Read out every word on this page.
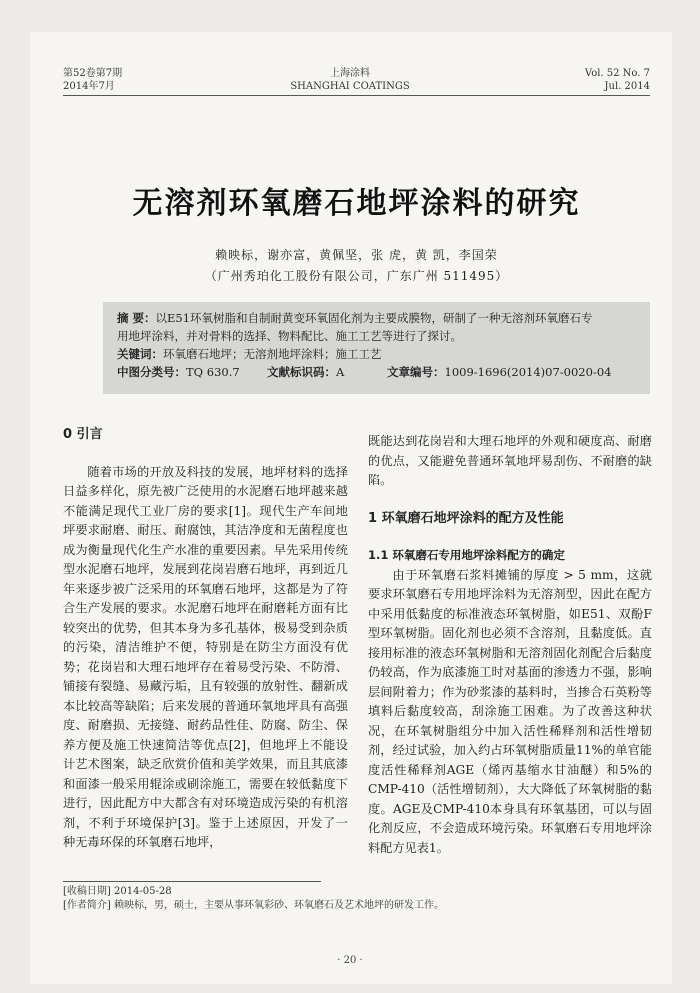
第52卷第7期
2014年7月
上海涂料
SHANGHAI COATINGS
Vol. 52 No. 7
Jul. 2014
无溶剂环氧磨石地坪涂料的研究
赖映标，谢亦富，黄佩坚，张 虎，黄 凯，李国荣
（广州秀珀化工股份有限公司，广东广州 511495）
摘 要：以E51环氧树脂和自制耐黄变环氧固化剂为主要成膜物，研制了一种无溶剂环氧磨石专
用地坪涂料，并对骨料的选择、物料配比、施工工艺等进行了探讨。
关键词：环氧磨石地坪；无溶剂地坪涂料；施工工艺
中图分类号：TQ 630.7 文献标识码：A	文章编号：1009-1696(2014)07-0020-04
0 引言

随着市场的开放及科技的发展，地坪材料的选择日益多样化，原先被广泛使用的水泥磨石地坪越来越不能满足现代工业厂房的要求[1]。现代生产车间地坪要求耐磨、耐压、耐腐蚀，其洁净度和无菌程度也成为衡量现代化生产水准的重要因素。早先采用传统型水泥磨石地坪，发展到花岗岩磨石地坪，再到近几年来逐步被广泛采用的环氧磨石地坪，这都是为了符合生产发展的要求。水泥磨石地坪在耐磨耗方面有比较突出的优势，但其本身为多孔基体，极易受到杂质的污染，清洁维护不便，特别是在防尘方面没有优势；花岗岩和大理石地坪存在着易受污染、不防滑、铺接有裂缝、易藏污垢，且有较强的放射性、翻新成本比较高等缺陷；后来发展的普通环氧地坪具有高强度、耐磨损、无接缝、耐药品性佳、防腐、防尘、保养方便及施工快速简洁等优点[2]，但地坪上不能设计艺术图案，缺乏欣赏价值和美学效果，而且其底漆和面漆一般采用辊涂或刷涂施工，需要在较低黏度下进行，因此配方中大都含有对环境造成污染的有机溶剂，不利于环境保护[3]。鉴于上述原因，开发了一种无毒环保的环氧磨石地坪，

既能达到花岗岩和大理石地坪的外观和硬度高、耐磨的优点，又能避免普通环氧地坪易刮伤、不耐磨的缺陷。
1 环氧磨石地坪涂料的配方及性能
1.1 环氧磨石专用地坪涂料配方的确定

由于环氧磨石浆料摊铺的厚度 > 5 mm，这就要求环氧磨石专用地坪涂料为无溶剂型，因此在配方中采用低黏度的标准液态环氧树脂，如E51、双酚F型环氧树脂。固化剂也必须不含溶剂，且黏度低。直接用标准的液态环氧树脂和无溶剂固化剂配合后黏度仍较高，作为底漆施工时对基面的渗透力不强，影响层间附着力；作为砂浆漆的基料时，当掺合石英粉等填料后黏度较高，刮涂施工困难。为了改善这种状况，在环氧树脂组分中加入活性稀释剂和活性增韧剂，经过试验，加入约占环氧树脂质量11%的单官能度活性稀释剂AGE（烯丙基缩水甘油醚）和5%的CMP-410（活性增韧剂），大大降低了环氧树脂的黏度。AGE及CMP-410本身具有环氧基团，可以与固化剂反应，不会造成环境污染。环氧磨石专用地坪涂料配方见表1。

[收稿日期] 2014-05-28
[作者简介] 赖映标，男，硕士，主要从事环氧彩砂、环氧磨石及艺术地坪的研发工作。
· 20 ·
